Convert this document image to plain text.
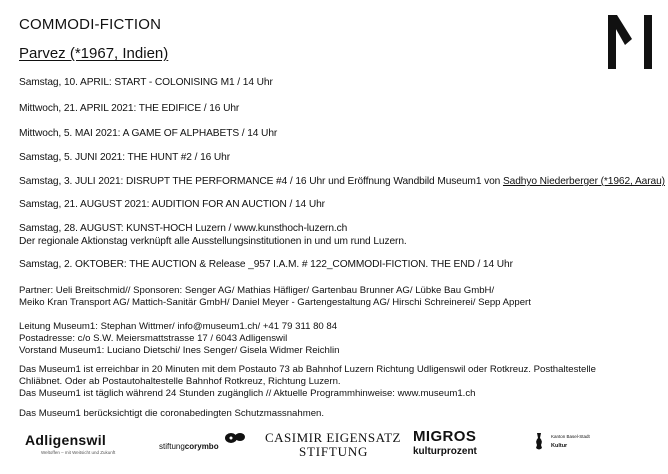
COMMODI-FICTION
Parvez (*1967, Indien)
Samstag, 10. APRIL: START - COLONISING M1 / 14 Uhr
Mittwoch, 21. APRIL 2021: THE EDIFICE / 16 Uhr
Mittwoch, 5. MAI 2021: A GAME OF ALPHABETS / 14 Uhr
Samstag, 5. JUNI 2021: THE HUNT #2 / 16 Uhr
Samstag, 3. JULI 2021: DISRUPT THE PERFORMANCE #4 / 16 Uhr und Eröffnung Wandbild Museum1 von Sadhyo Niederberger (*1962, Aarau)
Samstag, 21. AUGUST 2021: AUDITION FOR AN AUCTION / 14 Uhr
Samstag, 28. AUGUST: KUNST-HOCH Luzern / www.kunsthoch-luzern.ch
Der regionale Aktionstag verknüpft alle Ausstellungsinstitutionen in und um rund Luzern.
Samstag, 2. OKTOBER: THE AUCTION & Release _957 I.A.M. # 122_COMMODI-FICTION. THE END / 14 Uhr
Partner: Ueli Breitschmid// Sponsoren: Senger AG/ Mathias Häfliger/ Gartenbau Brunner AG/ Lübke Bau GmbH/
Meiko Kran Transport AG/ Mattich-Sanitär GmbH/ Daniel Meyer - Gartengestaltung AG/ Hirschi Schreinerei/ Sepp Appert
Leitung Museum1: Stephan Wittmer/ info@museum1.ch/ +41 79 311 80 84
Postadresse: c/o S.W. Meiersmattstrasse 17 / 6043 Adligenswil
Vorstand Museum1: Luciano Dietschi/ Ines Senger/ Gisela Widmer Reichlin
Das Museum1 ist erreichbar in 20 Minuten mit dem Postauto 73 ab Bahnhof Luzern Richtung Udligenswil oder Rotkreuz. Posthaltestelle
Chliäbnet. Oder ab Postautohaltestelle Bahnhof Rotkreuz, Richtung Luzern.
Das Museum1 ist täglich während 24 Stunden zugänglich // Aktuelle Programmhinweise: www.museum1.ch
Das Museum1 berücksichtigt die coronabedingten Schutzmassnahmen.
Adligenswil
Weltoffen – mit Weitsicht und Zukunft
stiftungcorymbo
CASIMIR EIGENSATZ
STIFTUNG
MIGROS
kulturprozent
Kanton Basel-Stadt
Kultur
